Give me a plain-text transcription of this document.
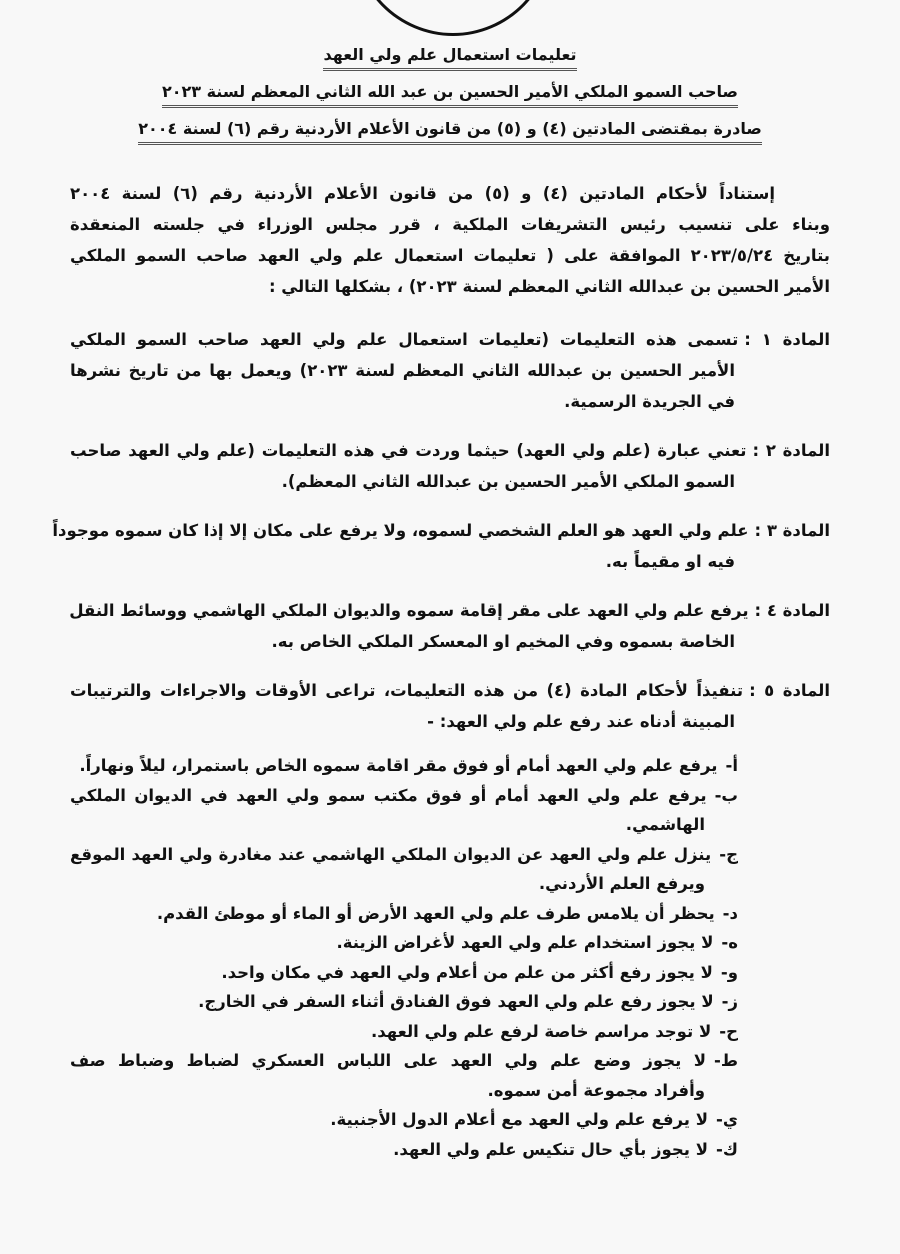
تعليمات استعمال علم ولي العهد
صاحب السمو الملكي الأمير الحسين بن عبد الله الثاني المعظم لسنة ٢٠٢٣
صادرة بمقتضى المادتين (٤) و (٥) من قانون الأعلام الأردنية رقم (٦) لسنة ٢٠٠٤
إستناداً لأحكام المادتين (٤) و (٥) من قانون الأعلام الأردنية رقم (٦) لسنة ٢٠٠٤
وبناء على تنسيب رئيس التشريفات الملكية ، قرر مجلس الوزراء في جلسته المنعقدة
بتاريخ ٢٠٢٣/٥/٢٤ الموافقة على ( تعليمات استعمال علم ولي العهد صاحب السمو الملكي
الأمير الحسين بن عبدالله الثاني المعظم لسنة ٢٠٢٣) ، بشكلها التالي :
المادة ١ :تسمى هذه التعليمات (تعليمات استعمال علم ولي العهد صاحب السمو الملكي
الأمير الحسين بن عبدالله الثاني المعظم لسنة ٢٠٢٣) ويعمل بها من تاريخ نشرها
في الجريدة الرسمية.
المادة ٢ :تعني عبارة (علم ولي العهد) حيثما وردت في هذه التعليمات (علم ولي العهد صاحب
السمو الملكي الأمير الحسين بن عبدالله الثاني المعظم).
المادة ٣ :علم ولي العهد هو العلم الشخصي لسموه، ولا يرفع على مكان إلا إذا كان سموه موجوداً
فيه او مقيماً به.
المادة ٤ :يرفع علم ولي العهد على مقر إقامة سموه والديوان الملكي الهاشمي ووسائط النقل
الخاصة بسموه وفي المخيم او المعسكر الملكي الخاص به.
المادة ٥ :تنفيذاً لأحكام المادة (٤) من هذه التعليمات، تراعى الأوقات والاجراءات والترتيبات
المبينة أدناه عند رفع علم ولي العهد: -
أ-يرفع علم ولي العهد أمام أو فوق مقر اقامة سموه الخاص باستمرار، ليلاً ونهاراً.
ب-يرفع علم ولي العهد أمام أو فوق مكتب سمو ولي العهد في الديوان الملكي
الهاشمي.
ج-ينزل علم ولي العهد عن الديوان الملكي الهاشمي عند مغادرة ولي العهد الموقع
ويرفع العلم الأردني.
د-يحظر أن يلامس طرف علم ولي العهد الأرض أو الماء أو موطئ القدم.
ه-لا يجوز استخدام علم ولي العهد لأغراض الزينة.
و-لا يجوز رفع أكثر من علم من أعلام ولي العهد في مكان واحد.
ز-لا يجوز رفع علم ولي العهد فوق الفنادق أثناء السفر في الخارج.
ح-لا توجد مراسم خاصة لرفع علم ولي العهد.
ط-لا يجوز وضع علم ولي العهد على اللباس العسكري لضباط وضباط صف
وأفراد مجموعة أمن سموه.
ي-لا يرفع علم ولي العهد مع أعلام الدول الأجنبية.
ك-لا يجوز بأي حال تنكيس علم ولي العهد.
